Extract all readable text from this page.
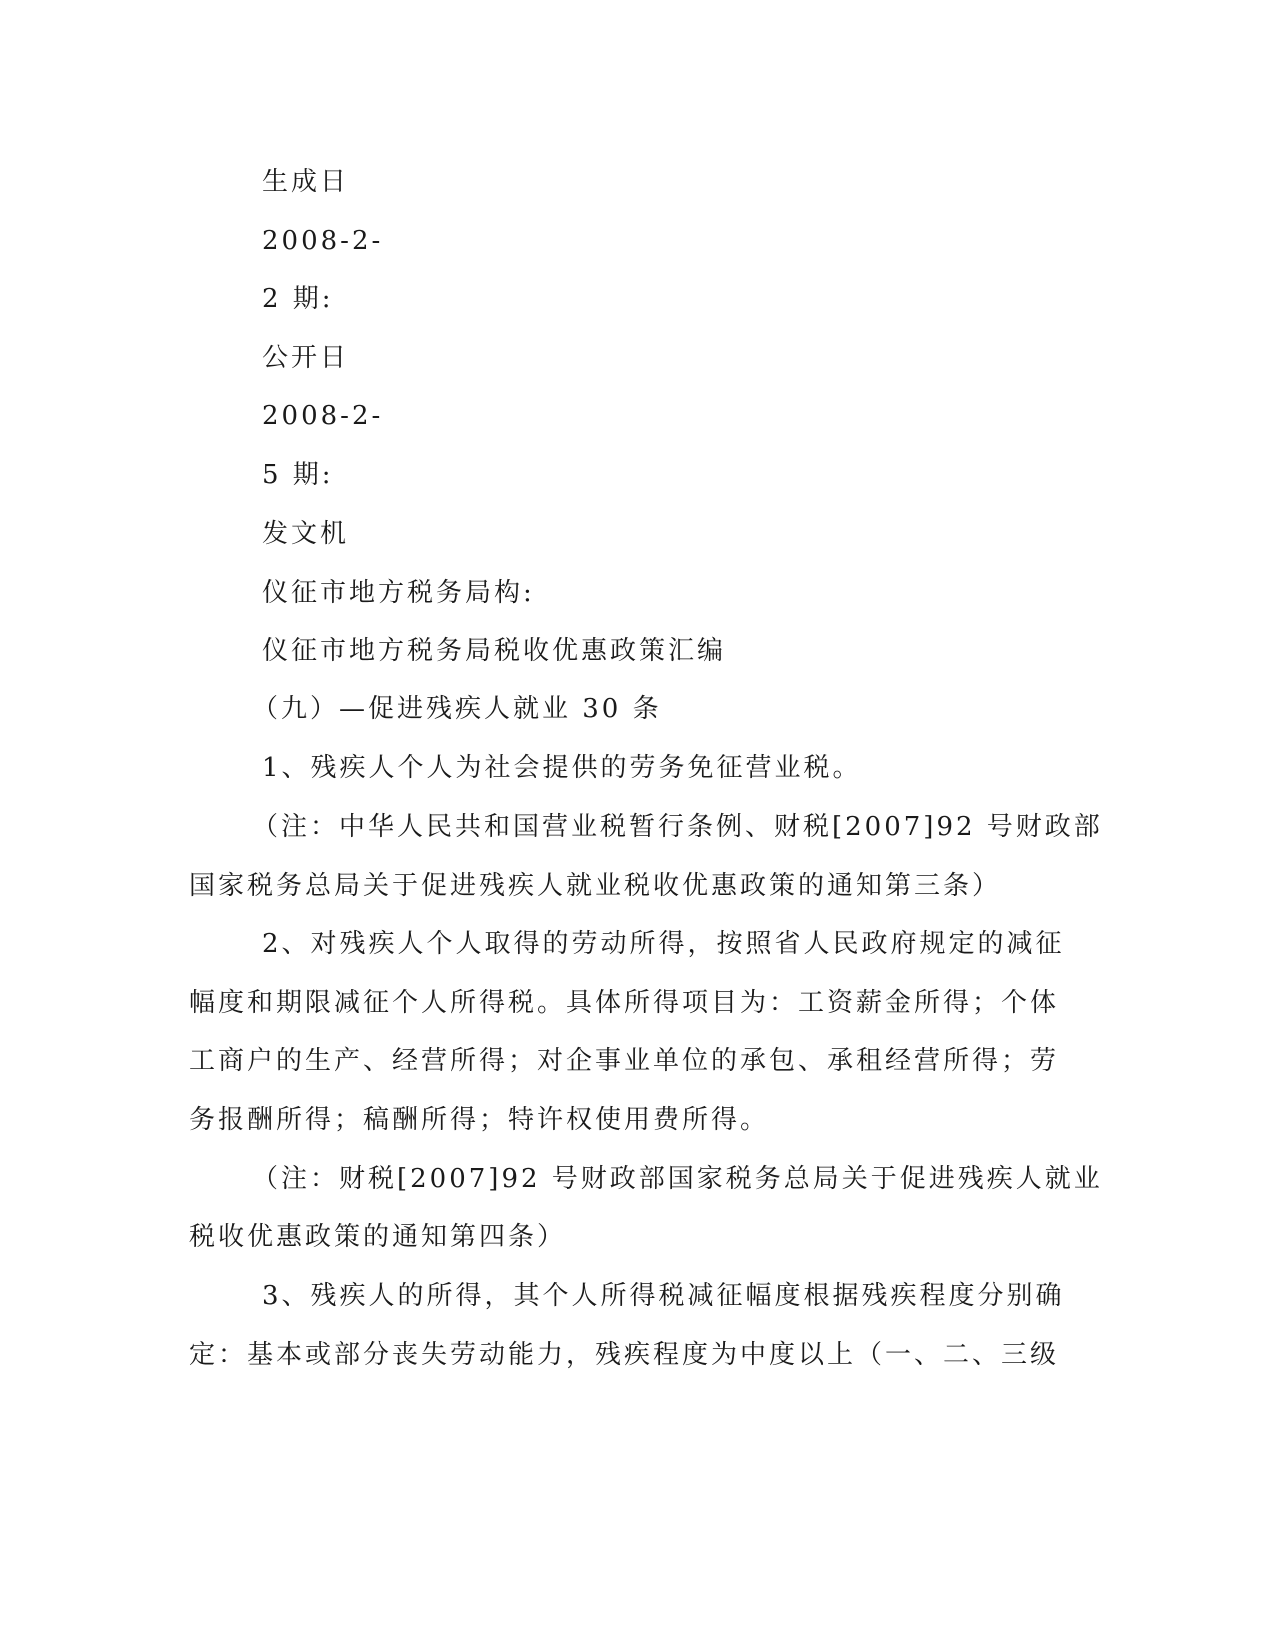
生成日
2008-2-
2 期:
公开日
2008-2-
5 期:
发文机
仪征市地方税务局构:
仪征市地方税务局税收优惠政策汇编
（九）—促进残疾人就业 30 条
1、残疾人个人为社会提供的劳务免征营业税。
（注：中华人民共和国营业税暂行条例、财税[2007]92 号财政部
国家税务总局关于促进残疾人就业税收优惠政策的通知第三条）
2、对残疾人个人取得的劳动所得，按照省人民政府规定的减征
幅度和期限减征个人所得税。具体所得项目为：工资薪金所得；个体
工商户的生产、经营所得；对企事业单位的承包、承租经营所得；劳
务报酬所得；稿酬所得；特许权使用费所得。
（注：财税[2007]92 号财政部国家税务总局关于促进残疾人就业
税收优惠政策的通知第四条）
3、残疾人的所得，其个人所得税减征幅度根据残疾程度分别确
定：基本或部分丧失劳动能力，残疾程度为中度以上（一、二、三级
